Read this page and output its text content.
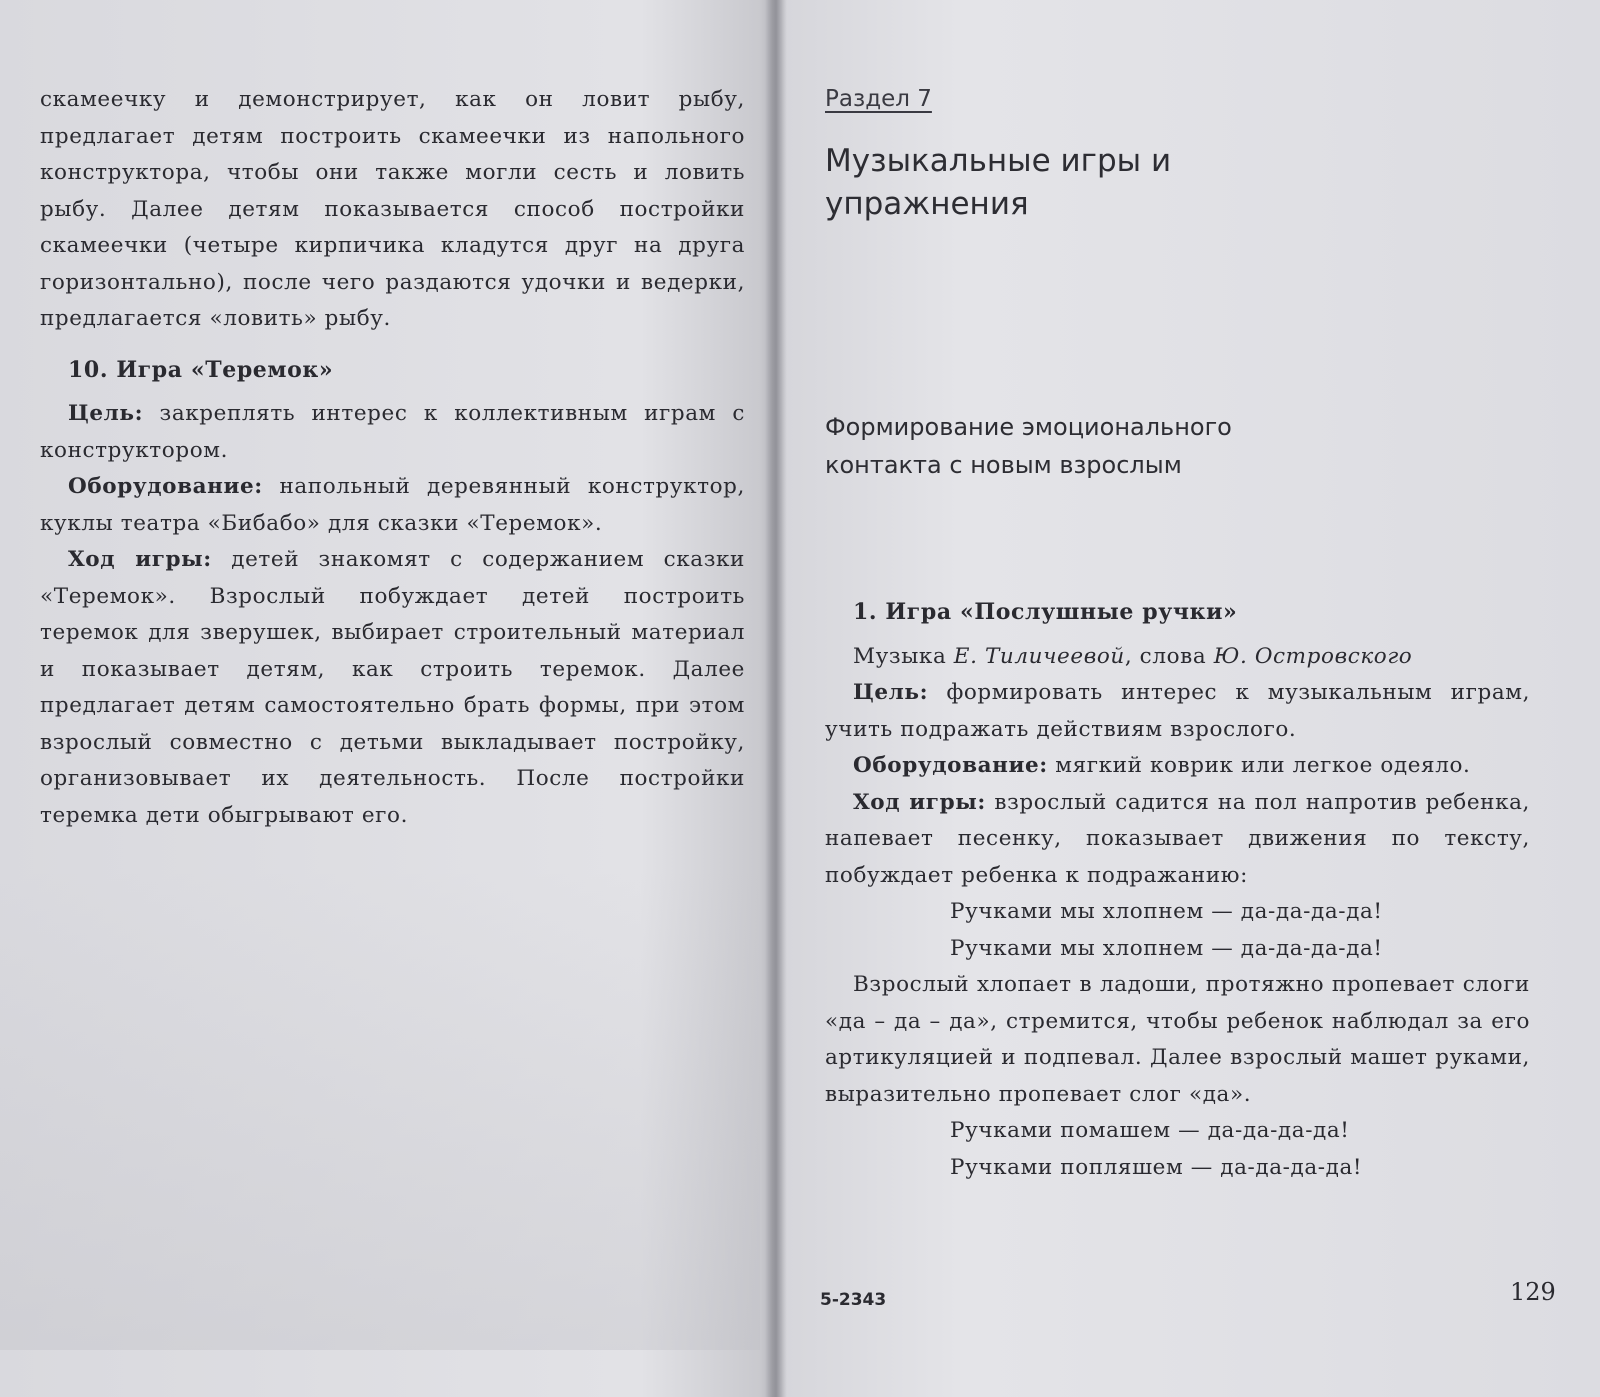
скамеечку и демонстрирует, как он ловит рыбу, предлагает детям построить скамеечки из напольного конструктора, чтобы они также могли сесть и ловить рыбу. Далее детям показывается способ постройки скамеечки (четыре кирпичика кладутся друг на друга горизонтально), после чего раздаются удочки и ведерки, предлагается «ловить» рыбу.

10. Игра «Теремок»

Цель: закреплять интерес к коллективным играм с конструктором.

Оборудование: напольный деревянный конструктор, куклы театра «Бибабо» для сказки «Теремок».

Ход игры: детей знакомят с содержанием сказки «Теремок». Взрослый побуждает детей построить теремок для зверушек, выбирает строительный материал и показывает детям, как строить теремок. Далее предлагает детям самостоятельно брать формы, при этом взрослый совместно с детьми выкладывает постройку, организовывает их деятельность. После постройки теремка дети обыгрывают его.

Раздел 7
Музыкальные игры и упражнения
Формирование эмоционального контакта с новым взрослым
1. Игра «Послушные ручки»

Музыка Е. Тиличеевой, слова Ю. Островского

Цель: формировать интерес к музыкальным играм, учить подражать действиям взрослого.

Оборудование: мягкий коврик или легкое одеяло.

Ход игры: взрослый садится на пол напротив ребенка, напевает песенку, показывает движения по тексту, побуждает ребенка к подражанию:

Ручками мы хлопнем — да-да-да-да!

Ручками мы хлопнем — да-да-да-да!

Взрослый хлопает в ладоши, протяжно пропевает слоги «да – да – да», стремится, чтобы ребенок наблюдал за его артикуляцией и подпевал. Далее взрослый машет руками, выразительно пропевает слог «да».

Ручками помашем — да-да-да-да!

Ручками попляшем — да-да-да-да!

5-2343	129
